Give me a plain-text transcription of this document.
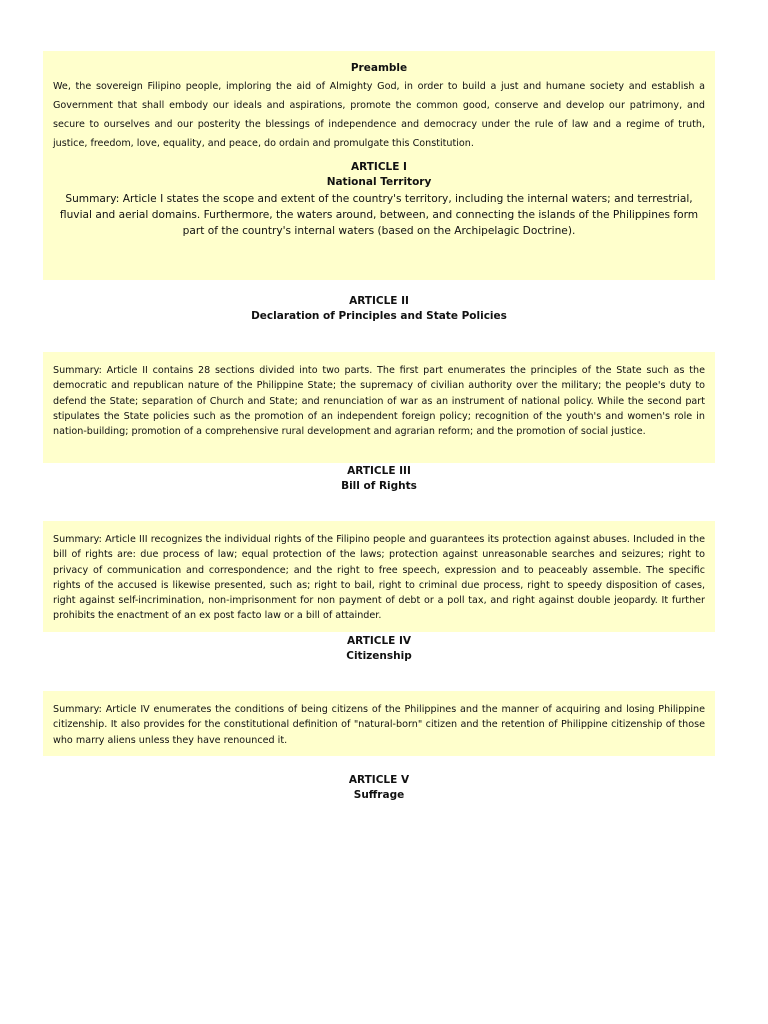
Preamble
We, the sovereign Filipino people, imploring the aid of Almighty God, in order to build a just and humane society and establish a Government that shall embody our ideals and aspirations, promote the common good, conserve and develop our patrimony, and secure to ourselves and our posterity the blessings of independence and democracy under the rule of law and a regime of truth, justice, freedom, love, equality, and peace, do ordain and promulgate this Constitution.
ARTICLE I
National Territory
Summary: Article I states the scope and extent of the country's territory, including the internal waters; and terrestrial, fluvial and aerial domains. Furthermore, the waters around, between, and connecting the islands of the Philippines form part of the country's internal waters (based on the Archipelagic Doctrine).
ARTICLE II
Declaration of Principles and State Policies
Summary: Article II contains 28 sections divided into two parts. The first part enumerates the principles of the State such as the democratic and republican nature of the Philippine State; the supremacy of civilian authority over the military; the people's duty to defend the State; separation of Church and State; and renunciation of war as an instrument of national policy. While the second part stipulates the State policies such as the promotion of an independent foreign policy; recognition of the youth's and women's role in nation-building; promotion of a comprehensive rural development and agrarian reform; and the promotion of social justice.
ARTICLE III
Bill of Rights
Summary: Article III recognizes the individual rights of the Filipino people and guarantees its protection against abuses. Included in the bill of rights are: due process of law; equal protection of the laws; protection against unreasonable searches and seizures; right to privacy of communication and correspondence; and the right to free speech, expression and to peaceably assemble. The specific rights of the accused is likewise presented, such as; right to bail, right to criminal due process, right to speedy disposition of cases, right against self-incrimination, non-imprisonment for non payment of debt or a poll tax, and right against double jeopardy. It further prohibits the enactment of an ex post facto law or a bill of attainder.
ARTICLE IV
Citizenship
Summary: Article IV enumerates the conditions of being citizens of the Philippines and the manner of acquiring and losing Philippine citizenship. It also provides for the constitutional definition of "natural-born" citizen and the retention of Philippine citizenship of those who marry aliens unless they have renounced it.
ARTICLE V
Suffrage
